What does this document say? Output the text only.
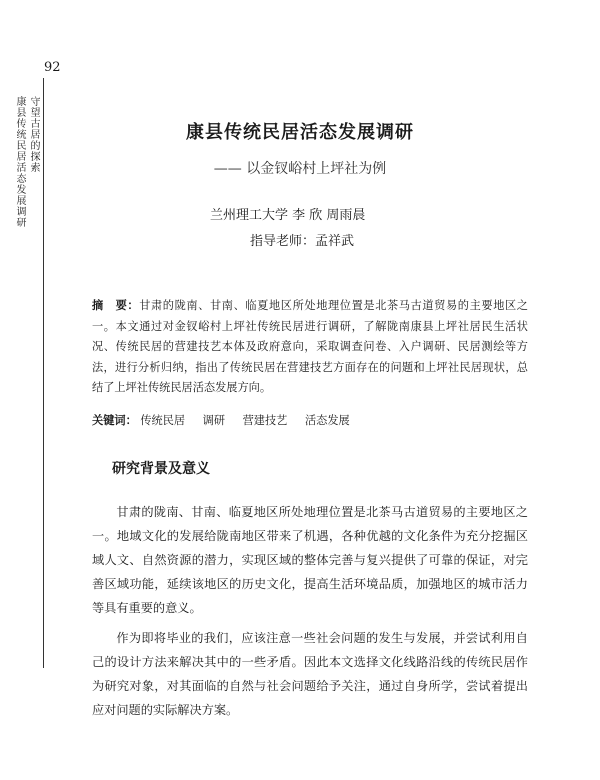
92
守望古居的探索
康县传统民居活态发展调研	康县传统民居活态发展调研
—— 以金钗峪村上坪社为例
兰州理工大学 李 欣 周雨晨
指导老师：孟祥武
摘　要：甘肃的陇南、甘南、临夏地区所处地理位置是北茶马古道贸易的主要地区之一。本文通过对金钗峪村上坪社传统民居进行调研，了解陇南康县上坪社居民生活状况、传统民居的营建技艺本体及政府意向，采取调查问卷、入户调研、民居测绘等方法，进行分析归纳，指出了传统民居在营建技艺方面存在的问题和上坪社民居现状，总结了上坪社传统民居活态发展方向。
关键词： 传统民居 调研 营建技艺 活态发展
研究背景及意义

甘肃的陇南、甘南、临夏地区所处地理位置是北茶马古道贸易的主要地区之一。地域文化的发展给陇南地区带来了机遇，各种优越的文化条件为充分挖掘区域人文、自然资源的潜力，实现区域的整体完善与复兴提供了可靠的保证，对完善区域功能，延续该地区的历史文化，提高生活环境品质，加强地区的城市活力等具有重要的意义。

作为即将毕业的我们，应该注意一些社会问题的发生与发展，并尝试利用自己的设计方法来解决其中的一些矛盾。因此本文选择文化线路沿线的传统民居作为研究对象，对其面临的自然与社会问题给予关注，通过自身所学，尝试着提出应对问题的实际解决方案。
